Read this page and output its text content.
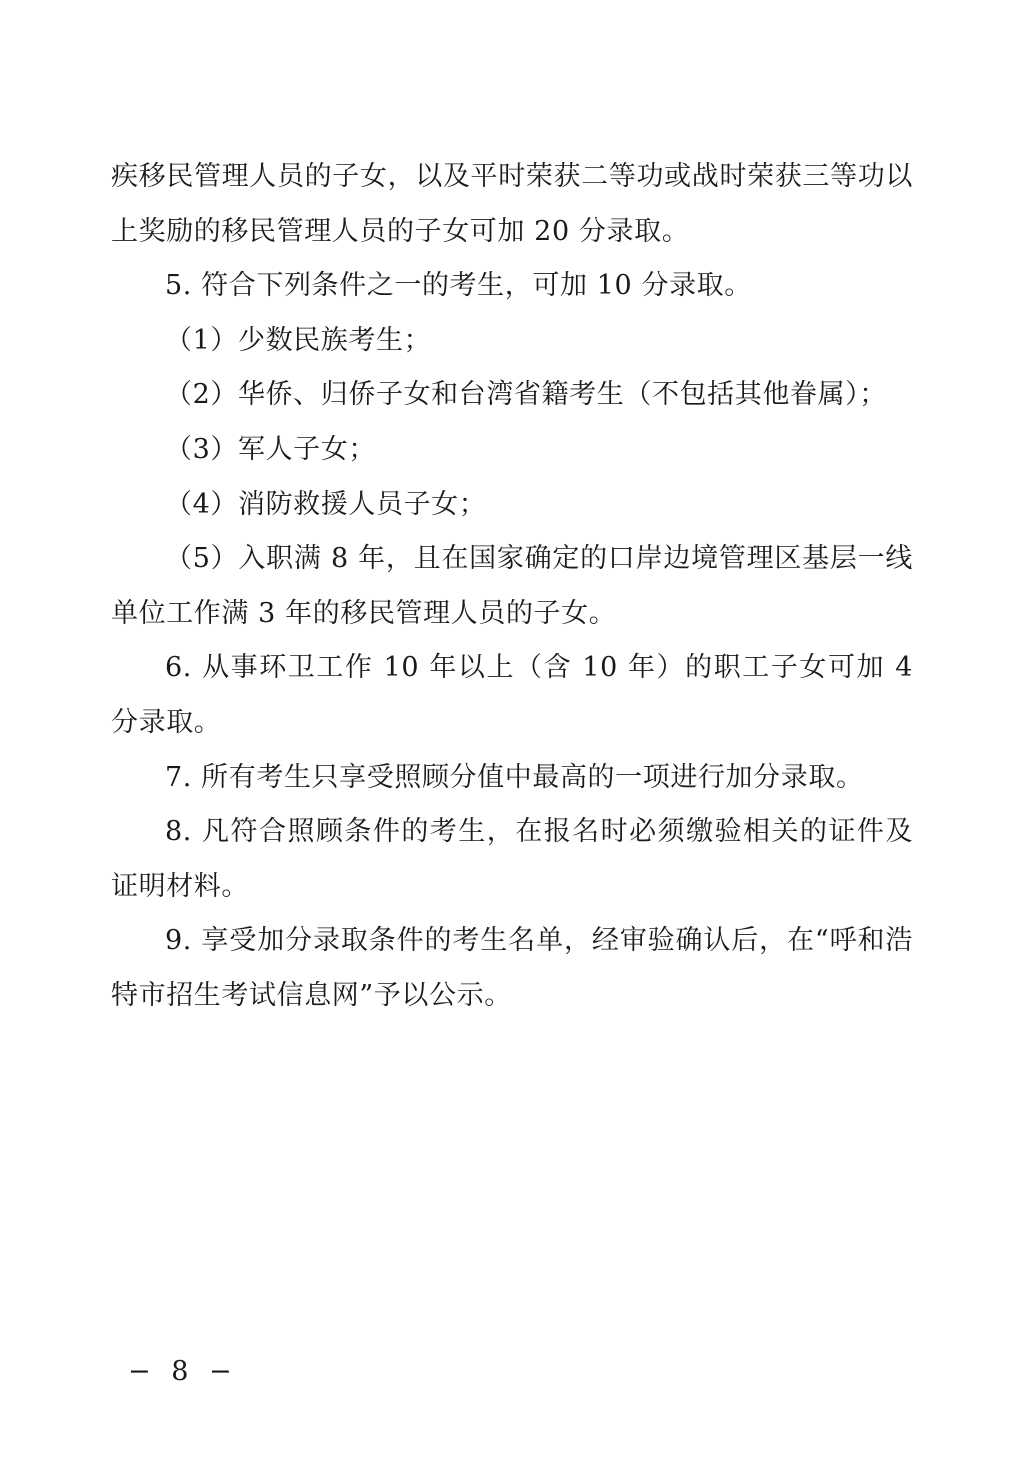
疾移民管理人员的子女，以及平时荣获二等功或战时荣获三等功以上奖励的移民管理人员的子女可加 20 分录取。

5. 符合下列条件之一的考生，可加 10 分录取。

（1）少数民族考生；

（2）华侨、归侨子女和台湾省籍考生（不包括其他眷属）；

（3）军人子女；

（4）消防救援人员子女；

（5）入职满 8 年，且在国家确定的口岸边境管理区基层一线单位工作满 3 年的移民管理人员的子女。

6. 从事环卫工作 10 年以上（含 10 年）的职工子女可加 4 分录取。

7. 所有考生只享受照顾分值中最高的一项进行加分录取。

8. 凡符合照顾条件的考生，在报名时必须缴验相关的证件及证明材料。

9. 享受加分录取条件的考生名单，经审验确认后，在“呼和浩特市招生考试信息网”予以公示。

− 8 −
